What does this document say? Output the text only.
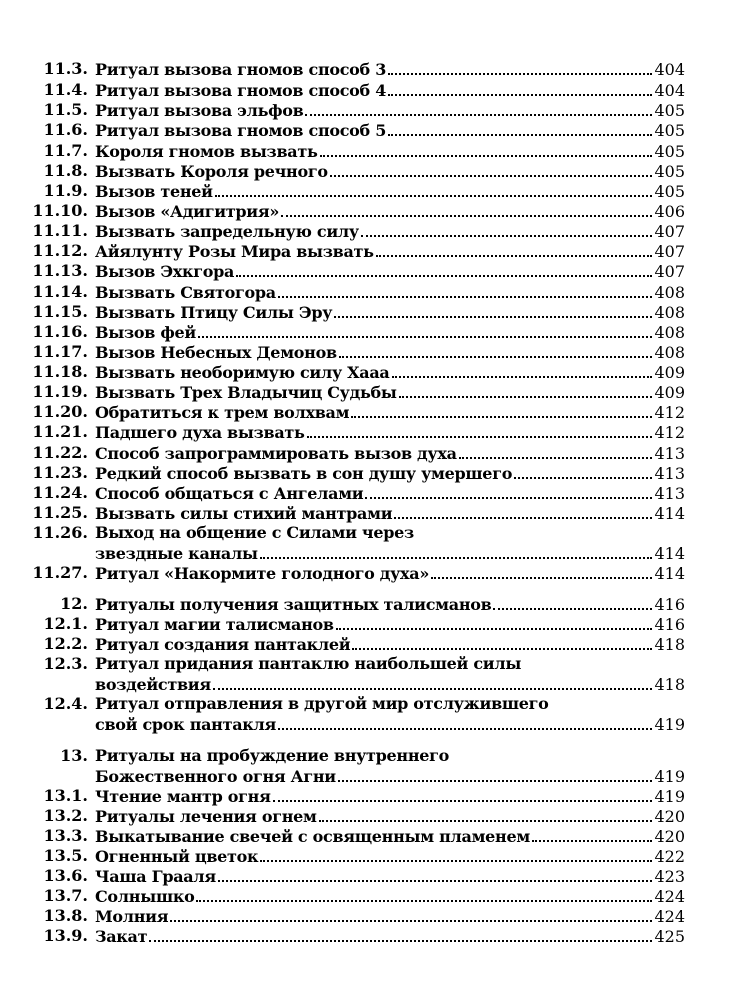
11.3. Ритуал вызова гномов способ 3	404
11.4. Ритуал вызова гномов способ 4	404
11.5. Ритуал вызова эльфов	405
11.6. Ритуал вызова гномов способ 5	405
11.7. Короля гномов вызвать	405
11.8. Вызвать Короля речного	405
11.9. Вызов теней	405
11.10. Вызов «Адигитрия»	406
11.11. Вызвать запредельную силу	407
11.12. Айялунту Розы Мира вызвать	407
11.13. Вызов Эхкгора	407
11.14. Вызвать Святогора	408
11.15. Вызвать Птицу Силы Эру	408
11.16. Вызов фей	408
11.17. Вызов Небесных Демонов	408
11.18. Вызвать необоримую силу Хааа	409
11.19. Вызвать Трех Владычиц Судьбы	409
11.20. Обратиться к трем волхвам	412
11.21. Падшего духа вызвать	412
11.22. Способ запрограммировать вызов духа	413
11.23. Редкий способ вызвать в сон душу умершего	413
11.24. Способ общаться с Ангелами	413
11.25. Вызвать силы стихий мантрами	414
11.26. Выход на общение с Силами через
звездные каналы	414
11.27. Ритуал «Накормите голодного духа»	414
12. Ритуалы получения защитных талисманов	416
12.1. Ритуал магии талисманов	416
12.2. Ритуал создания пантаклей	418
12.3. Ритуал придания пантаклю наибольшей силы
воздействия	418
12.4. Ритуал отправления в другой мир отслужившего
свой срок пантакля	419
13. Ритуалы на пробуждение внутреннего
Божественного огня Агни	419
13.1. Чтение мантр огня	419
13.2. Ритуалы лечения огнем	420
13.3. Выкатывание свечей с освященным пламенем	420
13.5. Огненный цветок	422
13.6. Чаша Грааля	423
13.7. Солнышко	424
13.8. Молния	424
13.9. Закат	425
